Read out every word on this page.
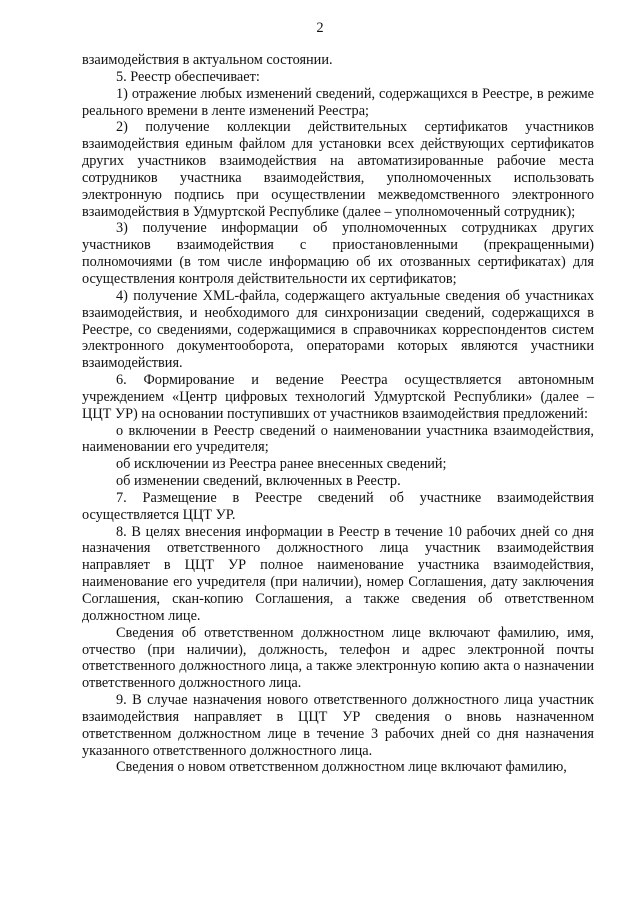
2

взаимодействия в актуальном состоянии.

5. Реестр обеспечивает:

1) отражение любых изменений сведений, содержащихся в Реестре, в режиме реального времени в ленте изменений Реестра;

2) получение коллекции действительных сертификатов участников взаимодействия единым файлом для установки всех действующих сертификатов других участников взаимодействия на автоматизированные рабочие места сотрудников участника взаимодействия, уполномоченных использовать электронную подпись при осуществлении межведомственного электронного взаимодействия в Удмуртской Республике (далее – уполномоченный сотрудник);

3) получение информации об уполномоченных сотрудниках других участников взаимодействия с приостановленными (прекращенными) полномочиями (в том числе информацию об их отозванных сертификатах) для осуществления контроля действительности их сертификатов;

4) получение XML-файла, содержащего актуальные сведения об участниках взаимодействия, и необходимого для синхронизации сведений, содержащихся в Реестре, со сведениями, содержащимися в справочниках корреспондентов систем электронного документооборота, операторами которых являются участники взаимодействия.

6. Формирование и ведение Реестра осуществляется автономным учреждением «Центр цифровых технологий Удмуртской Республики» (далее – ЦЦТ УР) на основании поступивших от участников взаимодействия предложений:

о включении в Реестр сведений о наименовании участника взаимодействия, наименовании его учредителя;

об исключении из Реестра ранее внесенных сведений;

об изменении сведений, включенных в Реестр.

7. Размещение в Реестре сведений об участнике взаимодействия осуществляется ЦЦТ УР.

8. В целях внесения информации в Реестр в течение 10 рабочих дней со дня назначения ответственного должностного лица участник взаимодействия направляет в ЦЦТ УР полное наименование участника взаимодействия, наименование его учредителя (при наличии), номер Соглашения, дату заключения Соглашения, скан-копию Соглашения, а также сведения об ответственном должностном лице.

Сведения об ответственном должностном лице включают фамилию, имя, отчество (при наличии), должность, телефон и адрес электронной почты ответственного должностного лица, а также электронную копию акта о назначении ответственного должностного лица.

9. В случае назначения нового ответственного должностного лица участник взаимодействия направляет в ЦЦТ УР сведения о вновь назначенном ответственном должностном лице в течение 3 рабочих дней со дня назначения указанного ответственного должностного лица.

Сведения о новом ответственном должностном лице включают фамилию,
